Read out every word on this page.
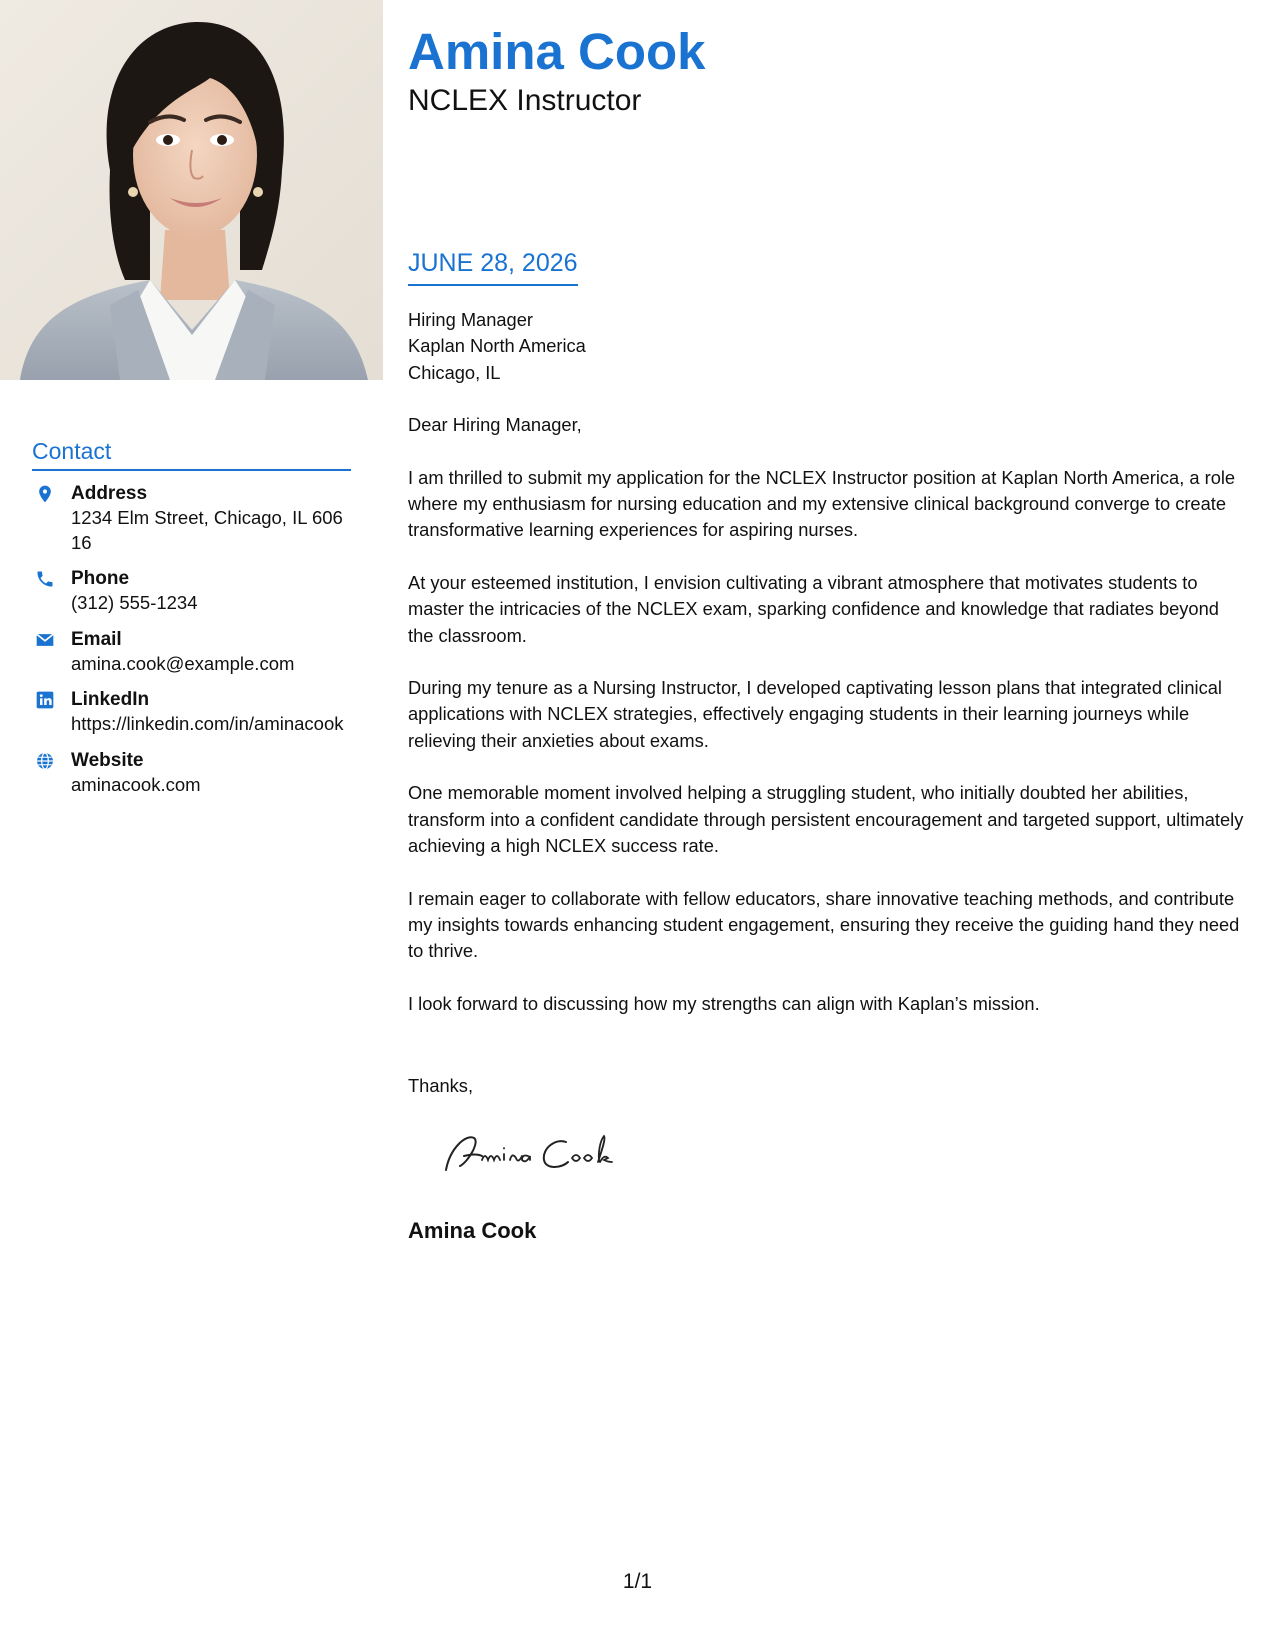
Contact
Address
1234 Elm Street, Chicago, IL 60616
Phone
(312) 555-1234
Email
amina.cook@example.com
LinkedIn
https://linkedin.com/in/aminacook
Website
aminacook.com
Amina Cook
NCLEX Instructor
JUNE 28, 2026
Hiring Manager
Kaplan North America
Chicago, IL

Dear Hiring Manager,

I am thrilled to submit my application for the NCLEX Instructor position at Kaplan North America, a role where my enthusiasm for nursing education and my extensive clinical background converge to create transformative learning experiences for aspiring nurses.

At your esteemed institution, I envision cultivating a vibrant atmosphere that motivates students to master the intricacies of the NCLEX exam, sparking confidence and knowledge that radiates beyond the classroom.

During my tenure as a Nursing Instructor, I developed captivating lesson plans that integrated clinical applications with NCLEX strategies, effectively engaging students in their learning journeys while relieving their anxieties about exams.

One memorable moment involved helping a struggling student, who initially doubted her abilities, transform into a confident candidate through persistent encouragement and targeted support, ultimately achieving a high NCLEX success rate.

I remain eager to collaborate with fellow educators, share innovative teaching methods, and contribute my insights towards enhancing student engagement, ensuring they receive the guiding hand they need to thrive.

I look forward to discussing how my strengths can align with Kaplan’s mission.

Thanks,
Amina Cook
1/1
